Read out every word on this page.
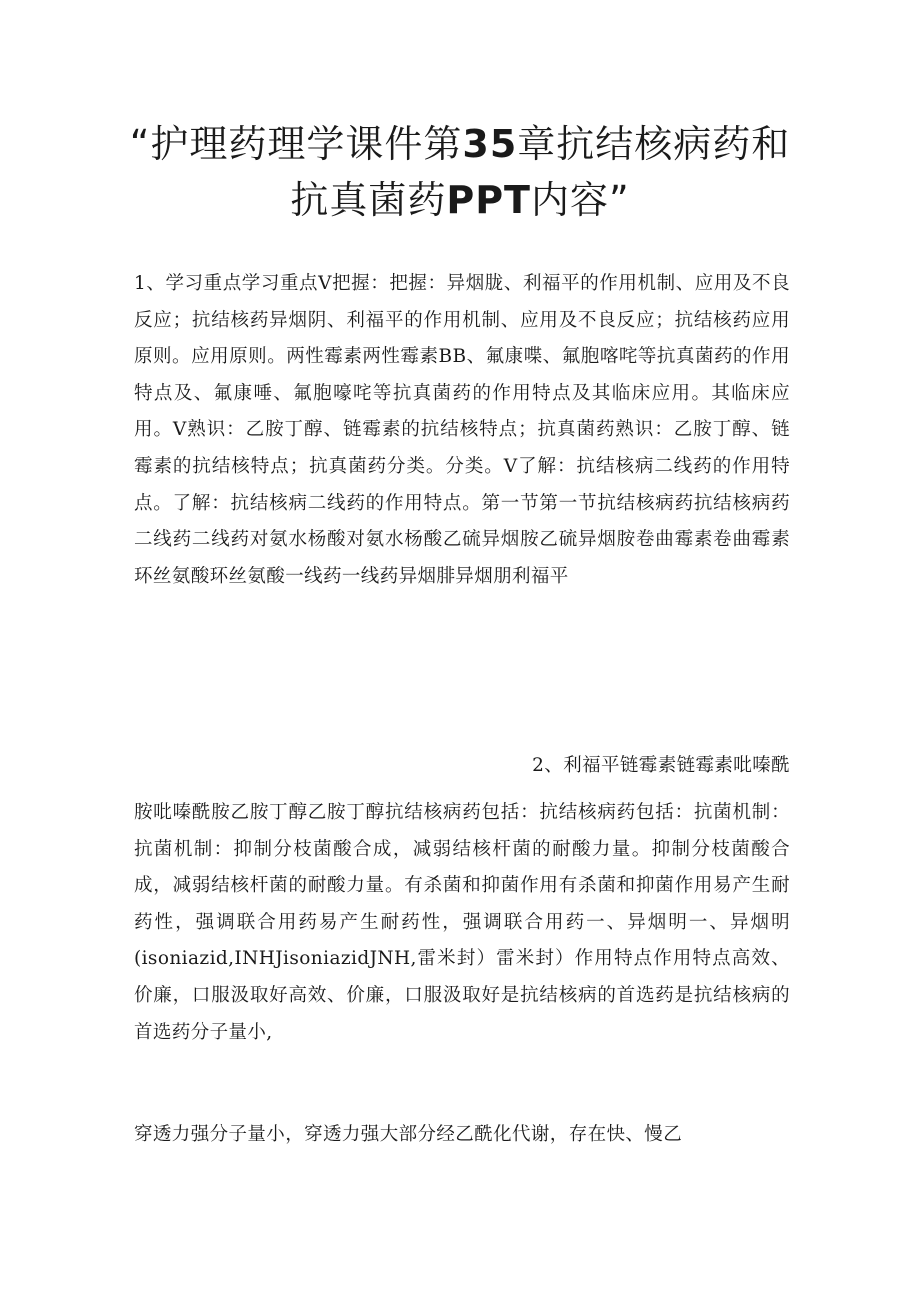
“护理药理学课件第35章抗结核病药和抗真菌药PPT内容”

1、学习重点学习重点V把握：把握：异烟胧、利福平的作用机制、应用及不良反应；抗结核药异烟阴、利福平的作用机制、应用及不良反应；抗结核药应用原则。应用原则。两性霉素两性霉素BB、氟康喋、氟胞喀咤等抗真菌药的作用特点及、氟康唾、氟胞嚎咤等抗真菌药的作用特点及其临床应用。其临床应用。V熟识：乙胺丁醇、链霉素的抗结核特点；抗真菌药熟识：乙胺丁醇、链霉素的抗结核特点；抗真菌药分类。分类。V了解：抗结核病二线药的作用特点。了解：抗结核病二线药的作用特点。第一节第一节抗结核病药抗结核病药二线药二线药对氨水杨酸对氨水杨酸乙硫异烟胺乙硫异烟胺卷曲霉素卷曲霉素环丝氨酸环丝氨酸一线药一线药异烟腓异烟朋利福平

2、利福平链霉素链霉素吡嗪酰

胺吡嗪酰胺乙胺丁醇乙胺丁醇抗结核病药包括：抗结核病药包括：抗菌机制：抗菌机制：抑制分枝菌酸合成，减弱结核杆菌的耐酸力量。抑制分枝菌酸合成，减弱结核杆菌的耐酸力量。有杀菌和抑菌作用有杀菌和抑菌作用易产生耐药性，强调联合用药易产生耐药性，强调联合用药一、异烟明一、异烟明(isoniazid,INHJisoniazidJNH,雷米封）雷米封）作用特点作用特点高效、价廉，口服汲取好高效、价廉，口服汲取好是抗结核病的首选药是抗结核病的首选药分子量小,

穿透力强分子量小，穿透力强大部分经乙酰化代谢，存在快、慢乙
